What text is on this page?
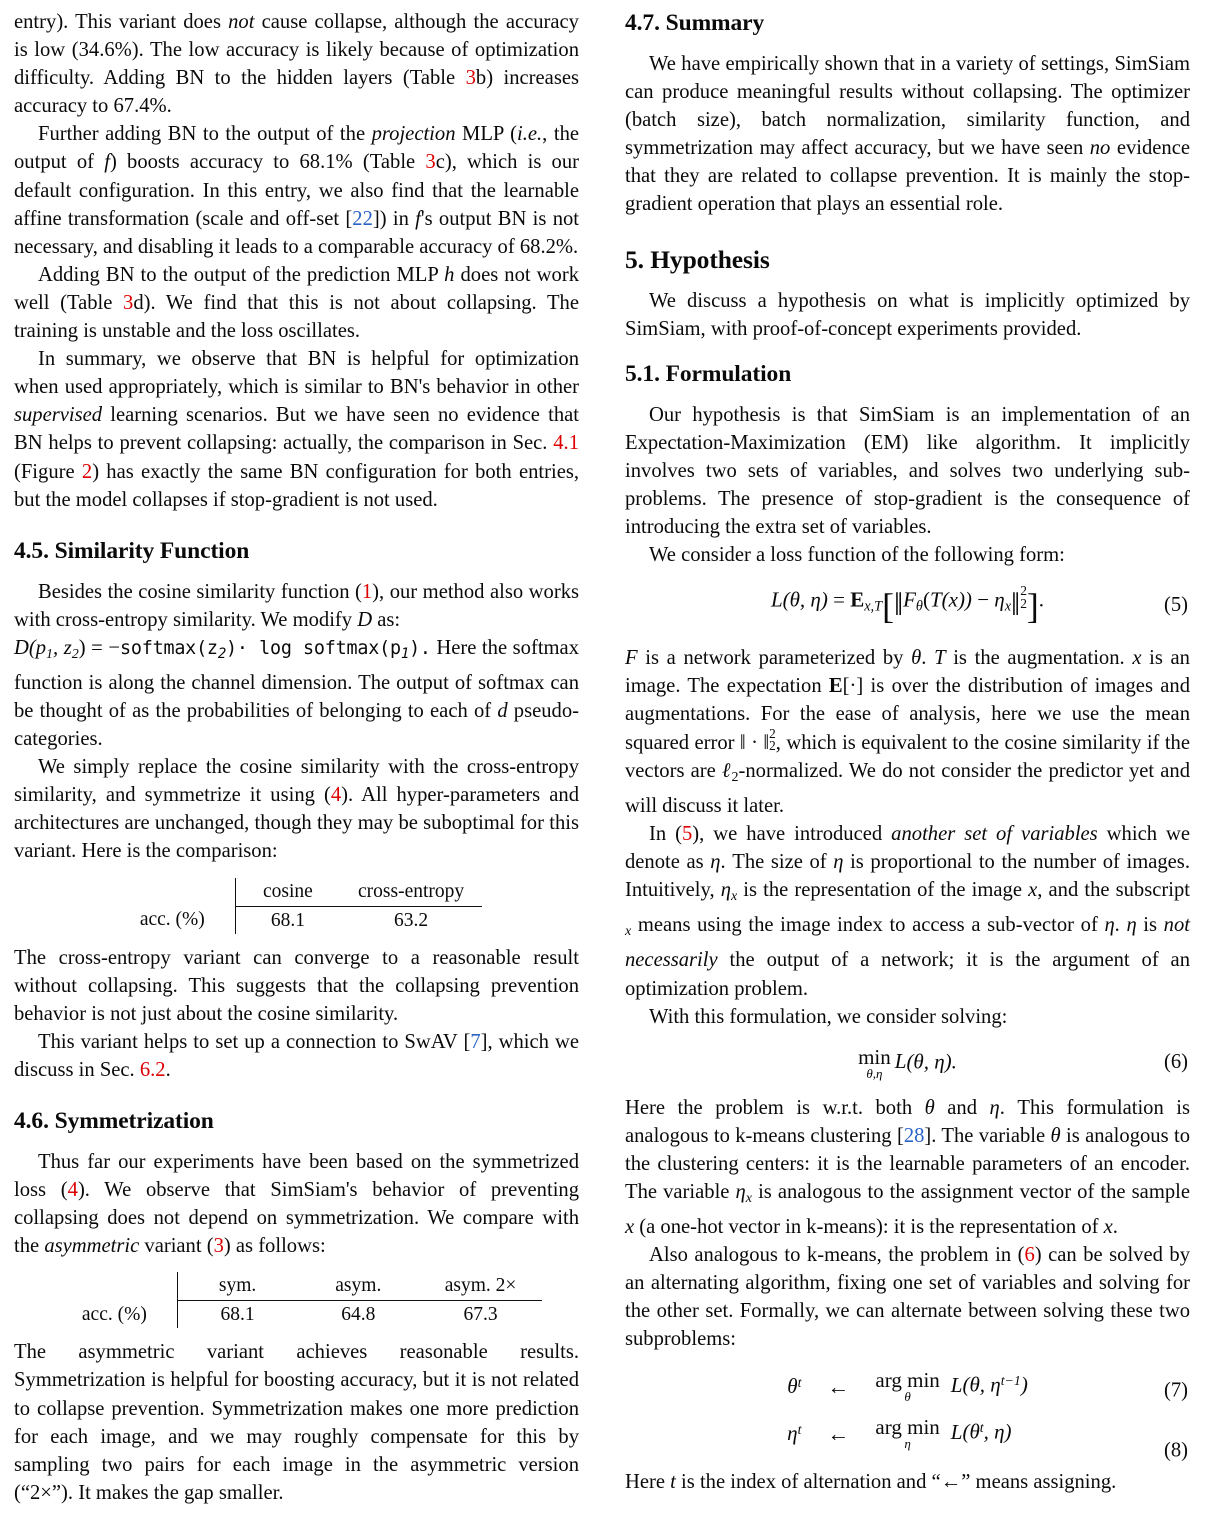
entry). This variant does not cause collapse, although the accuracy is low (34.6%). The low accuracy is likely because of optimization difficulty. Adding BN to the hidden layers (Table 3b) increases accuracy to 67.4%.

Further adding BN to the output of the projection MLP (i.e., the output of f) boosts accuracy to 68.1% (Table 3c), which is our default configuration. In this entry, we also find that the learnable affine transformation (scale and off-set [22]) in f's output BN is not necessary, and disabling it leads to a comparable accuracy of 68.2%.

Adding BN to the output of the prediction MLP h does not work well (Table 3d). We find that this is not about collapsing. The training is unstable and the loss oscillates.

In summary, we observe that BN is helpful for optimization when used appropriately, which is similar to BN's behavior in other supervised learning scenarios. But we have seen no evidence that BN helps to prevent collapsing: actually, the comparison in Sec. 4.1 (Figure 2) has exactly the same BN configuration for both entries, but the model collapses if stop-gradient is not used.

4.5. Similarity Function

Besides the cosine similarity function (1), our method also works with cross-entropy similarity. We modify D as:
$D(p_1$, $z_2$) = $-softmax(z_2)\cdot \log$ $softmax(p_1)$. Here the softmax function is along the channel dimension. The output of softmax can be thought of as the probabilities of belonging to each of d pseudo-categories.

We simply replace the cosine similarity with the cross-entropy similarity, and symmetrize it using (4). All hyper-parameters and architectures are unchanged, though they may be suboptimal for this variant. Here is the comparison:

	cosine	cross-entropy
acc. (%)	68.1	63.2

The cross-entropy variant can converge to a reasonable result without collapsing. This suggests that the collapsing prevention behavior is not just about the cosine similarity.

This variant helps to set up a connection to SwAV [7], which we discuss in Sec. 6.2.

4.6. Symmetrization

Thus far our experiments have been based on the symmetrized loss (4). We observe that SimSiam's behavior of preventing collapsing does not depend on symmetrization. We compare with the asymmetric variant (3) as follows:

	sym.	asym.	asym. 2×
acc. (%)	68.1	64.8	67.3

The asymmetric variant achieves reasonable results. Symmetrization is helpful for boosting accuracy, but it is not related to collapse prevention. Symmetrization makes one more prediction for each image, and we may roughly compensate for this by sampling two pairs for each image in the asymmetric version (“2×”). It makes the gap smaller.

4.7. Summary

We have empirically shown that in a variety of settings, SimSiam can produce meaningful results without collapsing. The optimizer (batch size), batch normalization, similarity function, and symmetrization may affect accuracy, but we have seen no evidence that they are related to collapse prevention. It is mainly the stop-gradient operation that plays an essential role.

5. Hypothesis

We discuss a hypothesis on what is implicitly optimized by SimSiam, with proof-of-concept experiments provided.

5.1. Formulation

Our hypothesis is that SimSiam is an implementation of an Expectation-Maximization (EM) like algorithm. It implicitly involves two sets of variables, and solves two underlying sub-problems. The presence of stop-gradient is the consequence of introducing the extra set of variables.

We consider a loss function of the following form:

L(θ, $\eta) = E_{x,T}[‖F_\theta(T(x))$ − $\eta_x‖$ 2
2 ].	(5)

F is a network parameterized by θ. T is the augmentation. x is an image. The expectation E[·] is over the distribution of images and augmentations. For the ease of analysis, here we use the mean squared error ‖ · ‖ 2
2 , which is equivalent to the cosine similarity if the vectors are ℓ$_2$-normalized. We do not consider the predictor yet and will discuss it later.

In (5), we have introduced another set of variables which we denote as η. The size of η is proportional to the number of images. Intuitively, $\eta_x$ is the representation of the image x, and the subscript $_x$ means using the image index to access a sub-vector of η. η is not necessarily the output of a network; it is the argument of an optimization problem.

With this formulation, we consider solving:

min
θ,η
L(θ, η).	(6)

Here the problem is w.r.t. both θ and η. This formulation is analogous to k-means clustering [28]. The variable θ is analogous to the clustering centers: it is the learnable parameters of an encoder. The variable $\eta_x$ is analogous to the assignment vector of the sample x (a one-hot vector in k-means): it is the representation of x.

Also analogous to k-means, the problem in (6) can be solved by an alternating algorithm, fixing one set of variables and solving for the other set. Formally, we can alternate between solving these two subproblems:

$\theta^t$	←	arg min
θ
L(θ, $\eta^{t-1}$)
$\eta^t$	←	arg min
η
$L(\theta^t$, η)
(7)
(8)

Here t is the index of alternation and “←” means assigning.
